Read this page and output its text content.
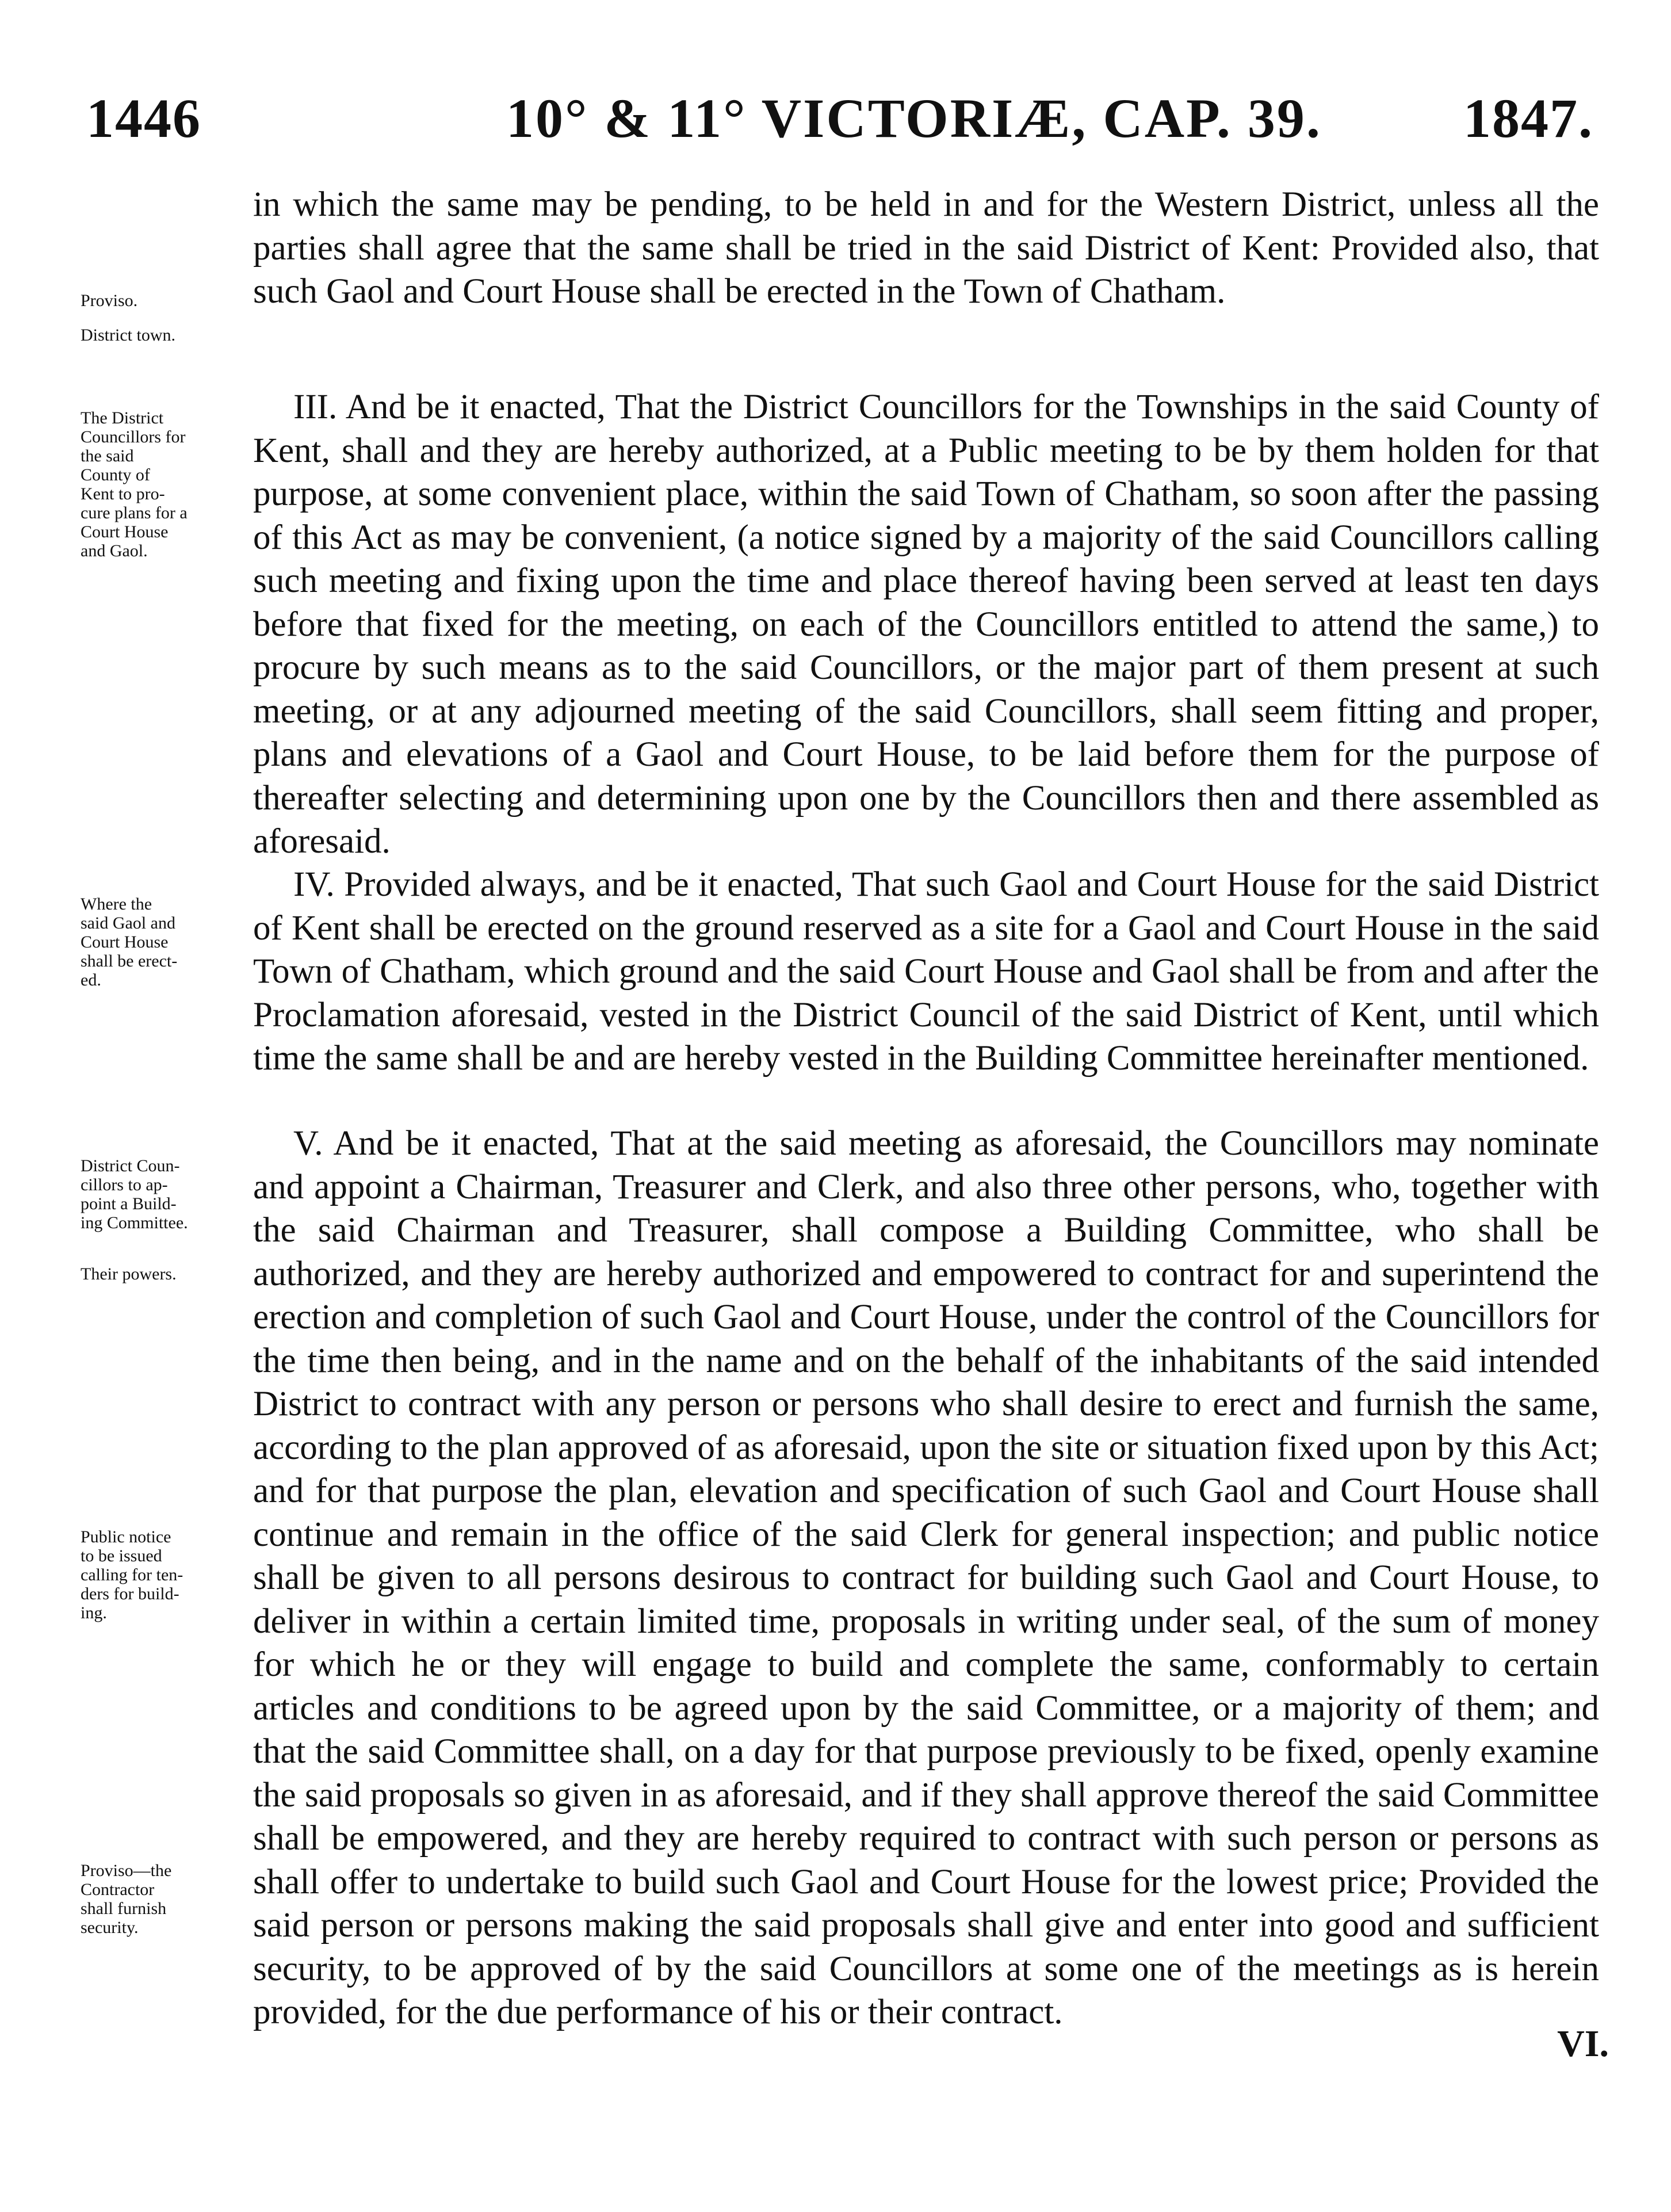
1446	10° & 11° VICTORIÆ, CAP. 39.	1847.

in which the same may be pending, to be held in and for the Western District, unless all the parties shall agree that the same shall be tried in the said District of Kent: Provided also, that such Gaol and Court House shall be erected in the Town of Chatham.

III. And be it enacted, That the District Councillors for the Townships in the said County of Kent, shall and they are hereby authorized, at a Public meeting to be by them holden for that purpose, at some convenient place, within the said Town of Chatham, so soon after the passing of this Act as may be convenient, (a notice signed by a majority of the said Councillors calling such meeting and fixing upon the time and place thereof having been served at least ten days before that fixed for the meeting, on each of the Councillors entitled to attend the same,) to procure by such means as to the said Councillors, or the major part of them present at such meeting, or at any adjourned meeting of the said Councillors, shall seem fitting and proper, plans and elevations of a Gaol and Court House, to be laid before them for the purpose of thereafter selecting and determining upon one by the Councillors then and there assembled as aforesaid.

IV. Provided always, and be it enacted, That such Gaol and Court House for the said District of Kent shall be erected on the ground reserved as a site for a Gaol and Court House in the said Town of Chatham, which ground and the said Court House and Gaol shall be from and after the Proclamation aforesaid, vested in the District Council of the said District of Kent, until which time the same shall be and are hereby vested in the Building Committee hereinafter mentioned.

V. And be it enacted, That at the said meeting as aforesaid, the Councillors may nominate and appoint a Chairman, Treasurer and Clerk, and also three other persons, who, together with the said Chairman and Treasurer, shall compose a Building Committee, who shall be authorized, and they are hereby authorized and empowered to contract for and superintend the erection and completion of such Gaol and Court House, under the control of the Councillors for the time then being, and in the name and on the behalf of the inhabitants of the said intended District to contract with any person or persons who shall desire to erect and furnish the same, according to the plan approved of as aforesaid, upon the site or situation fixed upon by this Act; and for that purpose the plan, elevation and specification of such Gaol and Court House shall continue and remain in the office of the said Clerk for general inspection; and public notice shall be given to all persons desirous to contract for building such Gaol and Court House, to deliver in within a certain limited time, proposals in writing under seal, of the sum of money for which he or they will engage to build and complete the same, conformably to certain articles and conditions to be agreed upon by the said Committee, or a majority of them; and that the said Committee shall, on a day for that purpose previously to be fixed, openly examine the said proposals so given in as aforesaid, and if they shall approve thereof the said Committee shall be empowered, and they are hereby required to contract with such person or persons as shall offer to undertake to build such Gaol and Court House for the lowest price; Provided the said person or persons making the said proposals shall give and enter into good and sufficient security, to be approved of by the said Councillors at some one of the meetings as is herein provided, for the due performance of his or their contract.

Proviso.
District town.
The District
Councillors for
the said
County of
Kent to pro-
cure plans for a
Court House
and Gaol.
Where the
said Gaol and
Court House
shall be erect-
ed.
District Coun-
cillors to ap-
point a Build-
ing Committee.
Their powers.
Public notice
to be issued
calling for ten-
ders for build-
ing.
Proviso—the
Contractor
shall furnish
security.
VI.
